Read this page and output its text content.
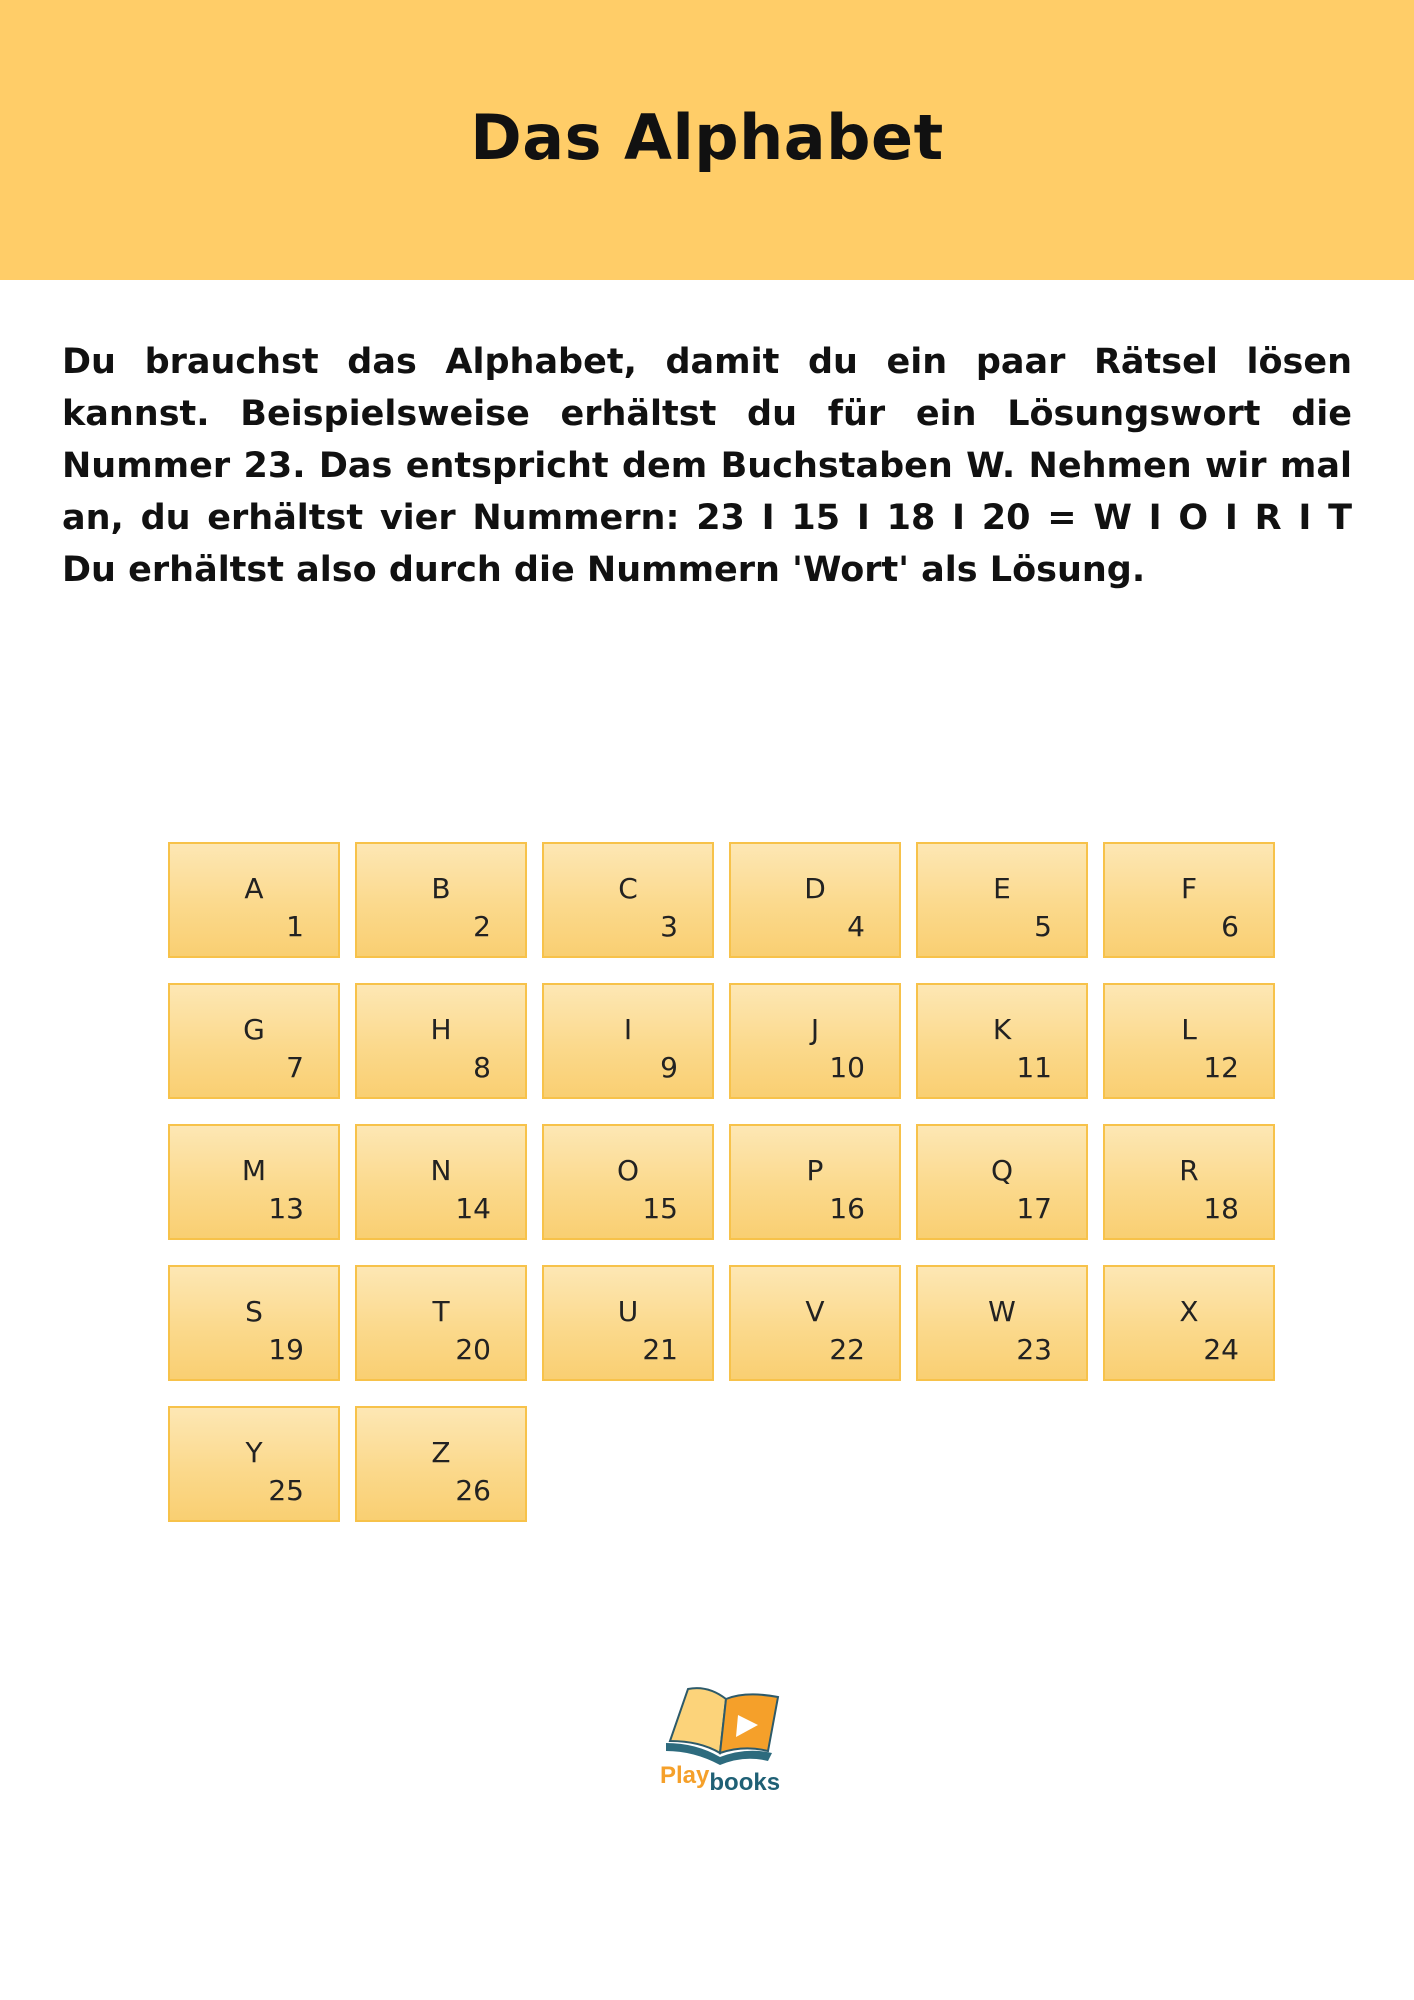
Das Alphabet

Du brauchst das Alphabet, damit du ein paar Rätsel lösen kannst. Beispielsweise erhältst du für ein Lösungswort die Nummer 23. Das entspricht dem Buchstaben W. Nehmen wir mal an, du erhältst vier Nummern: 23 I 15 I 18 I 20 = W I O I R I T

Du erhältst also durch die Nummern 'Wort' als Lösung.

A
1
B
2
C
3
D
4
E
5
F
6
G
7
H
8
I
9
J
10
K
11
L
12
M
13
N
14
O
15
P
16
Q
17
R
18
S
19
T
20
U
21
V
22
W
23
X
24
Y
25
Z
26
Playbooks
